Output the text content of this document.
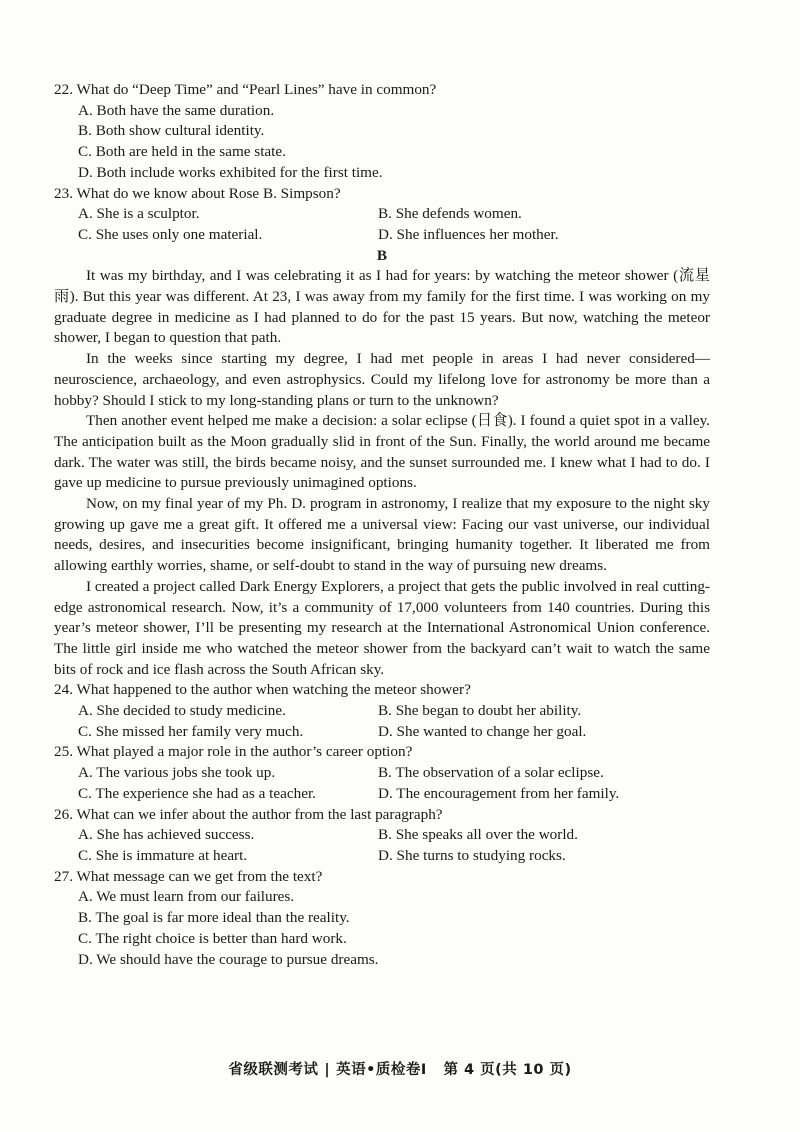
22. What do “Deep Time” and “Pearl Lines” have in common?

A. Both have the same duration.

B. Both show cultural identity.

C. Both are held in the same state.

D. Both include works exhibited for the first time.

23. What do we know about Rose B. Simpson?

A. She is a sculptor.	B. She defends women.
C. She uses only one material.	D. She influences her mother.

B

It was my birthday, and I was celebrating it as I had for years: by watching the meteor shower (流星雨). But this year was different. At 23, I was away from my family for the first time. I was working on my graduate degree in medicine as I had planned to do for the past 15 years. But now, watching the meteor shower, I began to question that path.

In the weeks since starting my degree, I had met people in areas I had never considered—neuroscience, archaeology, and even astrophysics. Could my lifelong love for astronomy be more than a hobby? Should I stick to my long-standing plans or turn to the unknown?

Then another event helped me make a decision: a solar eclipse (日食). I found a quiet spot in a valley. The anticipation built as the Moon gradually slid in front of the Sun. Finally, the world around me became dark. The water was still, the birds became noisy, and the sunset surrounded me. I knew what I had to do. I gave up medicine to pursue previously unimagined options.

Now, on my final year of my Ph. D. program in astronomy, I realize that my exposure to the night sky growing up gave me a great gift. It offered me a universal view: Facing our vast universe, our individual needs, desires, and insecurities become insignificant, bringing humanity together. It liberated me from allowing earthly worries, shame, or self-doubt to stand in the way of pursuing new dreams.

I created a project called Dark Energy Explorers, a project that gets the public involved in real cutting-edge astronomical research. Now, it’s a community of 17,000 volunteers from 140 countries. During this year’s meteor shower, I’ll be presenting my research at the International Astronomical Union conference. The little girl inside me who watched the meteor shower from the backyard can’t wait to watch the same bits of rock and ice flash across the South African sky.

24. What happened to the author when watching the meteor shower?

A. She decided to study medicine.	B. She began to doubt her ability.
C. She missed her family very much.	D. She wanted to change her goal.

25. What played a major role in the author’s career option?

A. The various jobs she took up.	B. The observation of a solar eclipse.
C. The experience she had as a teacher.	D. The encouragement from her family.

26. What can we infer about the author from the last paragraph?

A. She has achieved success.	B. She speaks all over the world.
C. She is immature at heart.	D. She turns to studying rocks.

27. What message can we get from the text?

A. We must learn from our failures.

B. The goal is far more ideal than the reality.

C. The right choice is better than hard work.

D. We should have the courage to pursue dreams.

省级联测考试 | 英语•质检卷Ⅰ 第 4 页(共 10 页)
